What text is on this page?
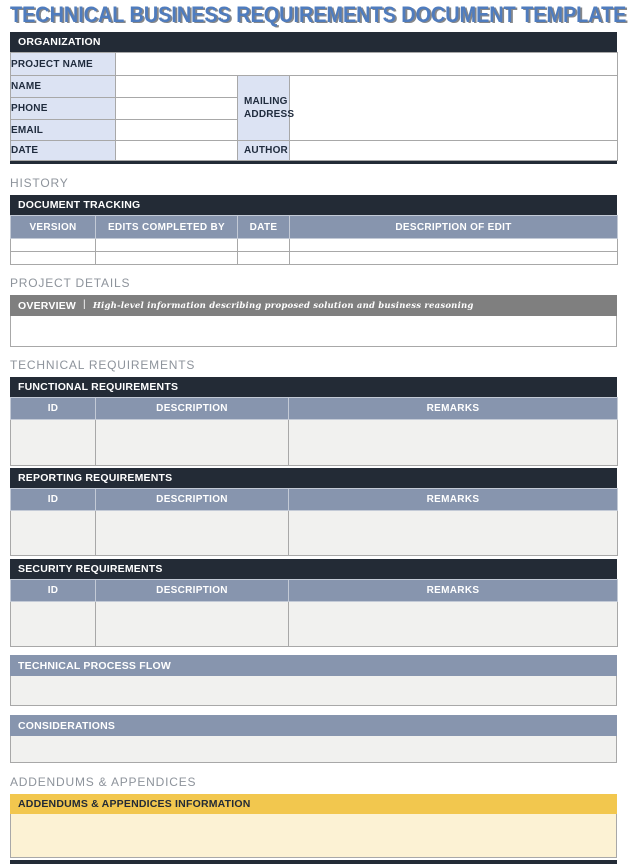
TECHNICAL BUSINESS REQUIREMENTS DOCUMENT TEMPLATE
ORGANIZATION
PROJECT NAME			
NAME		MAILING ADDRESS	
PHONE			
EMAIL			
DATE		AUTHOR	
HISTORY
DOCUMENT TRACKING
VERSION	EDITS COMPLETED BY	DATE	DESCRIPTION OF EDIT

PROJECT DETAILS
OVERVIEW | High-level information describing proposed solution and business reasoning
TECHNICAL REQUIREMENTS
FUNCTIONAL REQUIREMENTS
ID	DESCRIPTION	REMARKS

REPORTING REQUIREMENTS
ID	DESCRIPTION	REMARKS

SECURITY REQUIREMENTS
ID	DESCRIPTION	REMARKS

TECHNICAL PROCESS FLOW
CONSIDERATIONS
ADDENDUMS & APPENDICES
ADDENDUMS & APPENDICES INFORMATION
